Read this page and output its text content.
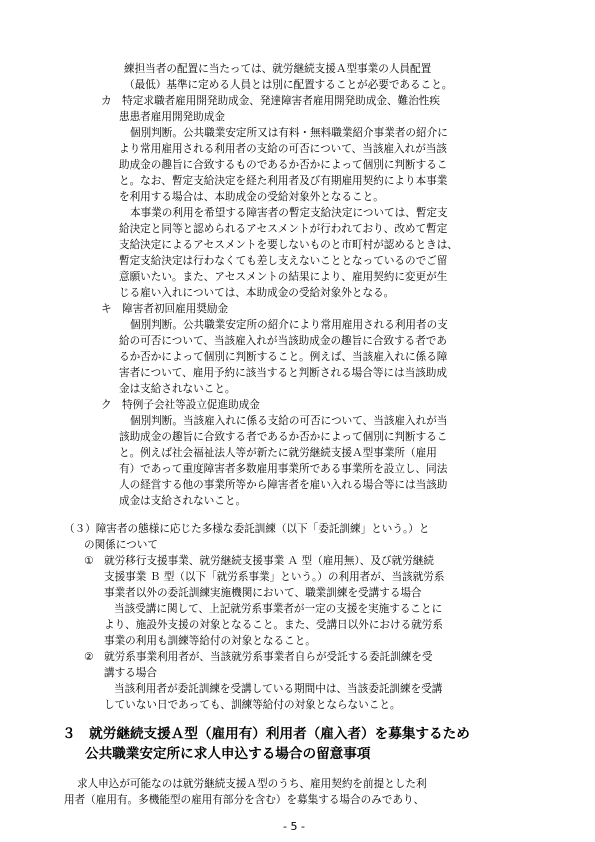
練担当者の配置に当たっては、就労継続支援Ａ型事業の人員配置
（最低）基準に定める人員とは別に配置することが必要であること。
カ　特定求職者雇用開発助成金、発達障害者雇用開発助成金、難治性疾
患患者雇用開発助成金
個別判断。公共職業安定所又は有料・無料職業紹介事業者の紹介に
より常用雇用される利用者の支給の可否について、当該雇入れが当該
助成金の趣旨に合致するものであるか否かによって個別に判断するこ
と。なお、暫定支給決定を経た利用者及び有期雇用契約により本事業
を利用する場合は、本助成金の受給対象外となること。
本事業の利用を希望する障害者の暫定支給決定については、暫定支
給決定と同等と認められるアセスメントが行われており、改めて暫定
支給決定によるアセスメントを要しないものと市町村が認めるときは、
暫定支給決定は行わなくても差し支えないこととなっているのでご留
意願いたい。また、アセスメントの結果により、雇用契約に変更が生
じる雇い入れについては、本助成金の受給対象外となる。
キ　障害者初回雇用奨励金
個別判断。公共職業安定所の紹介により常用雇用される利用者の支
給の可否について、当該雇入れが当該助成金の趣旨に合致する者であ
るか否かによって個別に判断すること。例えば、当該雇入れに係る障
害者について、雇用予約に該当すると判断される場合等には当該助成
金は支給されないこと。
ク　特例子会社等設立促進助成金
個別判断。当該雇入れに係る支給の可否について、当該雇入れが当
該助成金の趣旨に合致する者であるか否かによって個別に判断するこ
と。例えば社会福祉法人等が新たに就労継続支援Ａ型事業所（雇用
有）であって重度障害者多数雇用事業所である事業所を設立し、同法
人の経営する他の事業所等から障害者を雇い入れる場合等には当該助
成金は支給されないこと。
（３）障害者の態様に応じた多様な委託訓練（以下「委託訓練」という。）と
の関係について
①　就労移行支援事業、就労継続支援事業 Ａ 型（雇用無）、及び就労継続
支援事業 Ｂ 型（以下「就労系事業」という。）の利用者が、当該就労系
事業者以外の委託訓練実施機関において、職業訓練を受講する場合
当該受講に関して、上記就労系事業者が一定の支援を実施することに
より、施設外支援の対象となること。また、受講日以外における就労系
事業の利用も訓練等給付の対象となること。
②　就労系事業利用者が、当該就労系事業者自らが受託する委託訓練を受
講する場合
当該利用者が委託訓練を受講している期間中は、当該委託訓練を受講
していない日であっても、訓練等給付の対象とならないこと。
３　就労継続支援Ａ型（雇用有）利用者（雇入者）を募集するため
公共職業安定所に求人申込する場合の留意事項
求人申込が可能なのは就労継続支援Ａ型のうち、雇用契約を前提とした利
用者（雇用有。多機能型の雇用有部分を含む）を募集する場合のみであり、
- 5 -
